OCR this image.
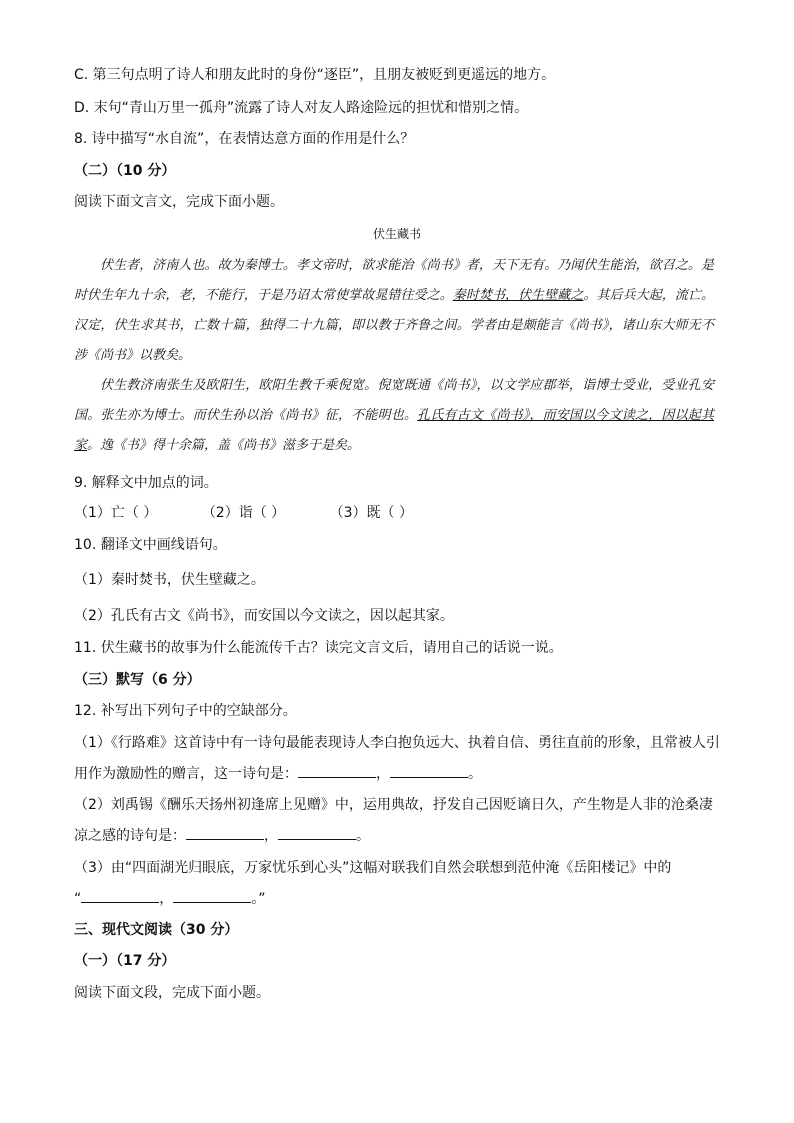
C. 第三句点明了诗人和朋友此时的身份“逐臣”，且朋友被贬到更遥远的地方。
D. 末句“青山万里一孤舟”流露了诗人对友人路途险远的担忧和惜别之情。
8. 诗中描写“水自流”，在表情达意方面的作用是什么？
（二）（10 分）
阅读下面文言文，完成下面小题。
伏生藏书

伏生者，济南人也。故为秦博士。孝文帝时，欲求能治《尚书》者，天下无有。乃闻伏生能治，欲召之。是时伏生年九十余，老，不能行，于是乃诏太常使掌故晁错往受之。秦时焚书，伏生壁藏之。其后兵大起，流亡。汉定，伏生求其书，亡数十篇，独得二十九篇，即以教于齐鲁之间。学者由是颇能言《尚书》，诸山东大师无不涉《尚书》以教矣。

伏生教济南张生及欧阳生，欧阳生教千乘倪宽。倪宽既通《尚书》，以文学应郡举，诣博士受业，受业孔安国。张生亦为博士。而伏生孙以治《尚书》征，不能明也。孔氏有古文《尚书》，而安国以今文读之，因以起其家。逸《书》得十余篇，盖《尚书》滋多于是矣。

9. 解释文中加点的词。
（1）亡（ ）	（2）诣（ ）	（3）既（ ）
10. 翻译文中画线语句。
（1）秦时焚书，伏生壁藏之。
（2）孔氏有古文《尚书》，而安国以今文读之，因以起其家。
11. 伏生藏书的故事为什么能流传千古？读完文言文后，请用自己的话说一说。
（三）默写（6 分）
12. 补写出下列句子中的空缺部分。
（1）《行路难》这首诗中有一诗句最能表现诗人李白抱负远大、执着自信、勇往直前的形象，且常被人引
用作为激励性的赠言，这一诗句是：	，	。
（2）刘禹锡《酬乐天扬州初逢席上见赠》中，运用典故，抒发自己因贬谪日久，产生物是人非的沧桑凄
凉之感的诗句是：	，	。
（3）由“四面湖光归眼底，万家忧乐到心头”这幅对联我们自然会联想到范仲淹《岳阳楼记》中的
“	，	。”
三、现代文阅读（30 分）
（一）（17 分）
阅读下面文段，完成下面小题。
